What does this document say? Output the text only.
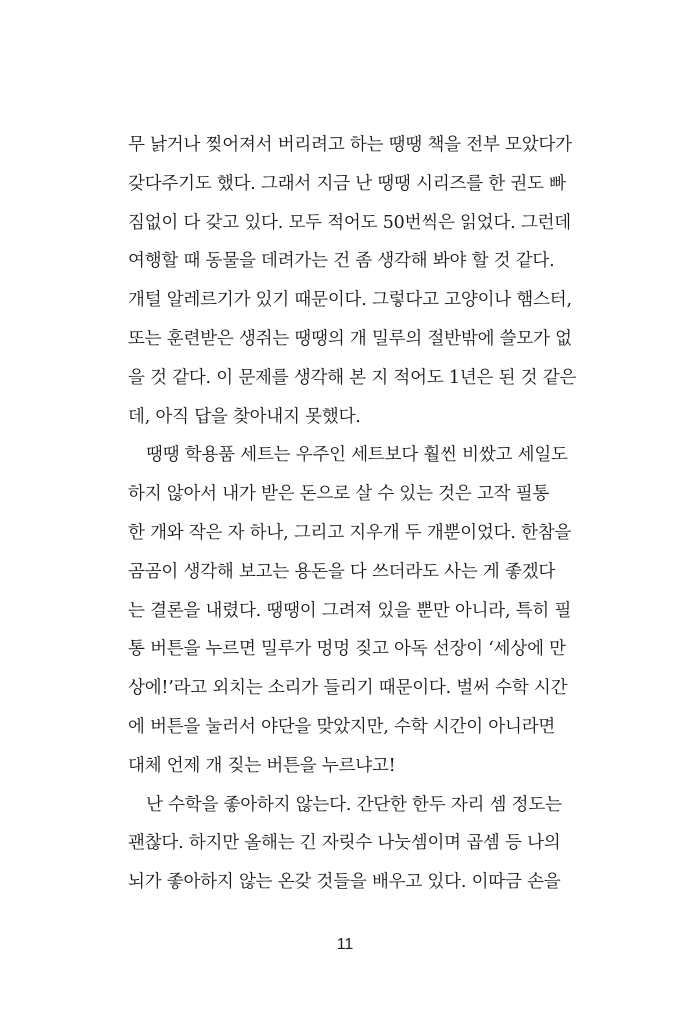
무 낡거나 찢어져서 버리려고 하는 땡땡 책을 전부 모았다가
갖다주기도 했다. 그래서 지금 난 땡땡 시리즈를 한 권도 빠
짐없이 다 갖고 있다. 모두 적어도 50번씩은 읽었다. 그런데
여행할 때 동물을 데려가는 건 좀 생각해 봐야 할 것 같다.
개털 알레르기가 있기 때문이다. 그렇다고 고양이나 햄스터,
또는 훈련받은 생쥐는 땡땡의 개 밀루의 절반밖에 쓸모가 없
을 것 같다. 이 문제를 생각해 본 지 적어도 1년은 된 것 같은
데, 아직 답을 찾아내지 못했다.
땡땡 학용품 세트는 우주인 세트보다 훨씬 비쌌고 세일도
하지 않아서 내가 받은 돈으로 살 수 있는 것은 고작 필통
한 개와 작은 자 하나, 그리고 지우개 두 개뿐이었다. 한참을
곰곰이 생각해 보고는 용돈을 다 쓰더라도 사는 게 좋겠다
는 결론을 내렸다. 땡땡이 그려져 있을 뿐만 아니라, 특히 필
통 버튼을 누르면 밀루가 멍멍 짖고 아독 선장이 ‘세상에 만
상에!’라고 외치는 소리가 들리기 때문이다. 벌써 수학 시간
에 버튼을 눌러서 야단을 맞았지만, 수학 시간이 아니라면
대체 언제 개 짖는 버튼을 누르냐고!
난 수학을 좋아하지 않는다. 간단한 한두 자리 셈 정도는
괜찮다. 하지만 올해는 긴 자릿수 나눗셈이며 곱셈 등 나의
뇌가 좋아하지 않는 온갖 것들을 배우고 있다. 이따금 손을
11
